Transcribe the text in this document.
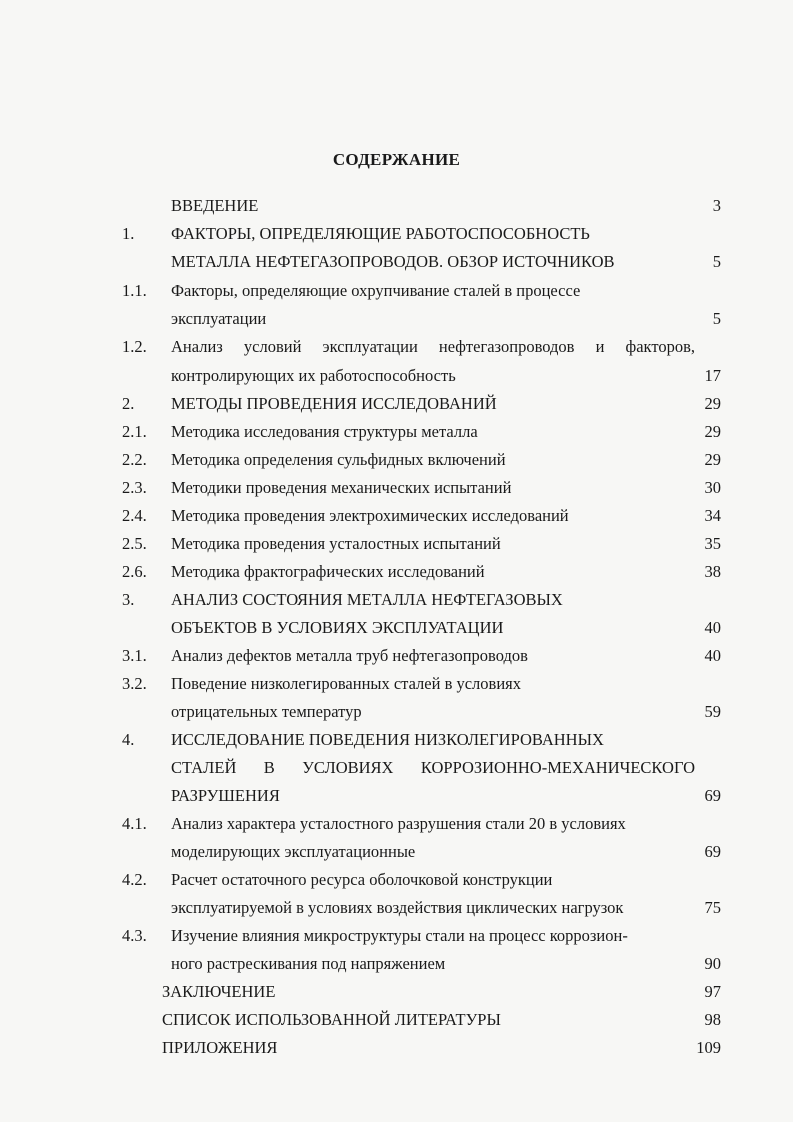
СОДЕРЖАНИЕ
ВВЕДЕНИЕ	3
1. ФАКТОРЫ, ОПРЕДЕЛЯЮЩИЕ РАБОТОСПОСОБНОСТЬ
МЕТАЛЛА НЕФТЕГАЗОПРОВОДОВ. ОБЗОР ИСТОЧНИКОВ	5
1.1. Факторы, определяющие охрупчивание сталей в процессе
эксплуатации	5
1.2. Анализ условий эксплуатации нефтегазопроводов и факторов,
контролирующих их работоспособность	17
2. МЕТОДЫ ПРОВЕДЕНИЯ ИССЛЕДОВАНИЙ	29
2.1. Методика исследования структуры металла	29
2.2. Методика определения сульфидных включений	29
2.3. Методики проведения механических испытаний	30
2.4. Методика проведения электрохимических исследований	34
2.5. Методика проведения усталостных испытаний	35
2.6. Методика фрактографических исследований	38
3. АНАЛИЗ СОСТОЯНИЯ МЕТАЛЛА НЕФТЕГАЗОВЫХ
ОБЪЕКТОВ В УСЛОВИЯХ ЭКСПЛУАТАЦИИ	40
3.1. Анализ дефектов металла труб нефтегазопроводов	40
3.2. Поведение низколегированных сталей в условиях
отрицательных температур	59
4. ИССЛЕДОВАНИЕ ПОВЕДЕНИЯ НИЗКОЛЕГИРОВАННЫХ
СТАЛЕЙ В УСЛОВИЯХ КОРРОЗИОННО-МЕХАНИЧЕСКОГО
РАЗРУШЕНИЯ	69
4.1. Анализ характера усталостного разрушения стали 20 в условиях
моделирующих эксплуатационные	69
4.2. Расчет остаточного ресурса оболочковой конструкции
эксплуатируемой в условиях воздействия циклических нагрузок	75
4.3. Изучение влияния микроструктуры стали на процесс коррозион-
ного растрескивания под напряжением	90
ЗАКЛЮЧЕНИЕ	97
СПИСОК ИСПОЛЬЗОВАННОЙ ЛИТЕРАТУРЫ	98
ПРИЛОЖЕНИЯ	109
